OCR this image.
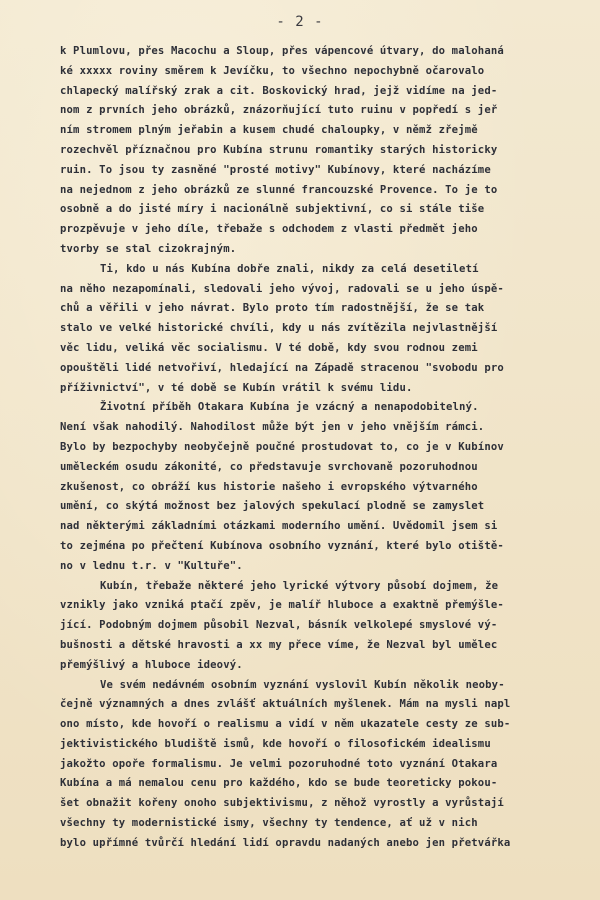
- 2 -
k Plumlovu, přes Macochu a Sloup, přes vápencové útvary, do malohaná
ké xxxxx roviny směrem k Jevíčku, to všechno nepochybně očarovalo
chlapecký malířský zrak a cit. Boskovický hrad, jejž vidíme na jed-
nom z prvních jeho obrázků, znázorňující tuto ruinu v popředí s jeř
ním stromem plným jeřabin a kusem chudé chaloupky, v němž zřejmě
rozechvěl příznačnou pro Kubína strunu romantiky starých historicky
ruin. To jsou ty zasněné "prosté motivy" Kubínovy, které nacházíme
na nejednom z jeho obrázků ze slunné francouzské Provence. To je to
osobně a do jisté míry i nacionálně subjektivní, co si stále tiše
prozpěvuje v jeho díle, třebaže s odchodem z vlasti předmět jeho
tvorby se stal cizokrajným.
Ti, kdo u nás Kubína dobře znali, nikdy za celá desetiletí
na něho nezapomínali, sledovali jeho vývoj, radovali se u jeho úspě-
chů a věřili v jeho návrat. Bylo proto tím radostnější, že se tak
stalo ve velké historické chvíli, kdy u nás zvítězila nejvlastnější
věc lidu, veliká věc socialismu. V té době, kdy svou rodnou zemi
opouštěli lidé netvořiví, hledající na Západě stracenou "svobodu pro
příživnictví", v té době se Kubín vrátil k svému lidu.
Životní příběh Otakara Kubína je vzácný a nenapodobitelný.
Není však nahodilý. Nahodilost může být jen v jeho vnějším rámci.
Bylo by bezpochyby neobyčejně poučné prostudovat to, co je v Kubínov
uměleckém osudu zákonité, co představuje svrchovaně pozoruhodnou
zkušenost, co obráží kus historie našeho i evropského výtvarného
umění, co skýtá možnost bez jalových spekulací plodně se zamyslet
nad některými základními otázkami moderního umění. Uvědomil jsem si
to zejména po přečtení Kubínova osobního vyznání, které bylo otiště-
no v lednu t.r. v "Kultuře".
Kubín, třebaže některé jeho lyrické výtvory působí dojmem, že
vznikly jako vzniká ptačí zpěv, je malíř hluboce a exaktně přemýšle-
jící. Podobným dojmem působil Nezval, básník velkolepé smyslové vý-
bušnosti a dětské hravosti a xx my přece víme, že Nezval byl umělec
přemýšlivý a hluboce ideový.
Ve svém nedávném osobním vyznání vyslovil Kubín několik neoby-
čejně významných a dnes zvlášť aktuálních myšlenek. Mám na mysli napl
ono místo, kde hovoří o realismu a vidí v něm ukazatele cesty ze sub-
jektivistického bludiště ismů, kde hovoří o filosofickém idealismu
jakožto opoře formalismu. Je velmi pozoruhodné toto vyznání Otakara
Kubína a má nemalou cenu pro každého, kdo se bude teoreticky pokou-
šet obnažit kořeny onoho subjektivismu, z něhož vyrostly a vyrůstají
všechny ty modernistické ismy, všechny ty tendence, ať už v nich
bylo upřímné tvůrčí hledání lidí opravdu nadaných anebo jen přetvářka
